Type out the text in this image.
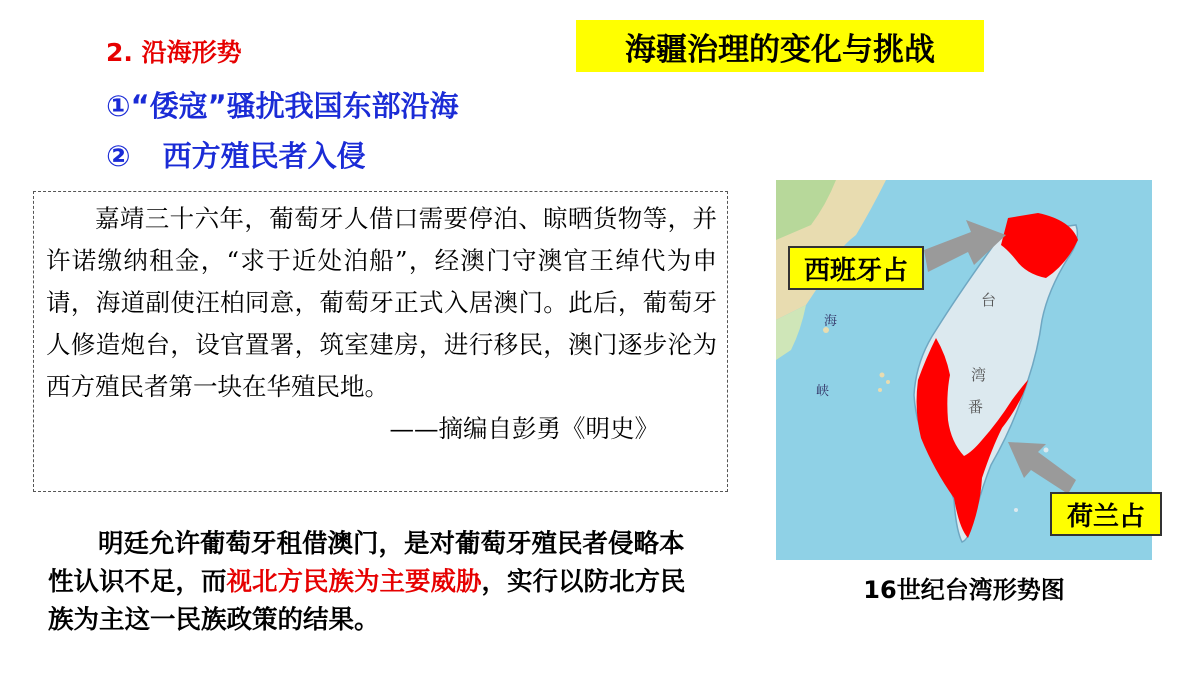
海疆治理的变化与挑战
2. 沿海形势
①“倭寇”骚扰我国东部沿海
② 西方殖民者入侵

嘉靖三十六年，葡萄牙人借口需要停泊、晾晒货物等，并许诺缴纳租金，“求于近处泊船”，经澳门守澳官王绰代为申请，海道副使汪柏同意，葡萄牙正式入居澳门。此后，葡萄牙人修造炮台，设官置署，筑室建房，进行移民，澳门逐步沦为西方殖民者第一块在华殖民地。

——摘编自彭勇《明史》
明廷允许葡萄牙租借澳门，是对葡萄牙殖民者侵略本性认识不足，而视北方民族为主要威胁，实行以防北方民族为主这一民族政策的结果。
台
湾
番
海
峡
西班牙占
荷兰占
16世纪台湾形势图
